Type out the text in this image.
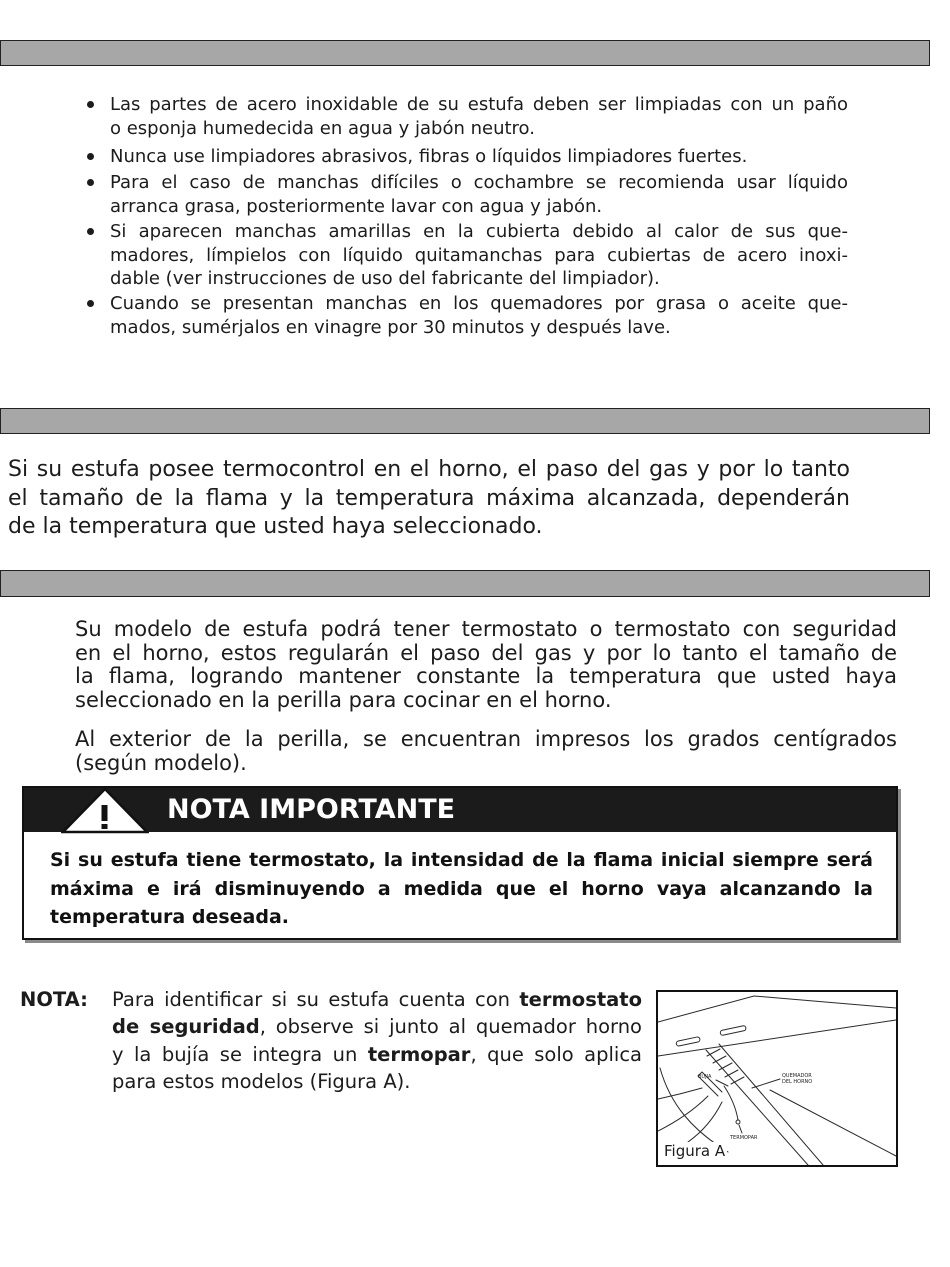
Las partes de acero inoxidable de su estufa deben ser limpiadas con un paño
o esponja humedecida en agua y jabón neutro.
Nunca use limpiadores abrasivos, fibras o líquidos limpiadores fuertes.
Para el caso de manchas difíciles o cochambre se recomienda usar líquido
arranca grasa, posteriormente lavar con agua y jabón.
Si aparecen manchas amarillas en la cubierta debido al calor de sus que-
madores, límpielos con líquido quitamanchas para cubiertas de acero inoxi-
dable (ver instrucciones de uso del fabricante del limpiador).
Cuando se presentan manchas en los quemadores por grasa o aceite que-
mados, sumérjalos en vinagre por 30 minutos y después lave.
Si su estufa posee termocontrol en el horno, el paso del gas y por lo tanto
el tamaño de la flama y la temperatura máxima alcanzada, dependerán
de la temperatura que usted haya seleccionado.
Su modelo de estufa podrá tener termostato o termostato con seguridad
en el horno, estos regularán el paso del gas y por lo tanto el tamaño de
la flama, logrando mantener constante la temperatura que usted haya
seleccionado en la perilla para cocinar en el horno.
Al exterior de la perilla, se encuentran impresos los grados centígrados
(según modelo).
NOTA IMPORTANTE
Si su estufa tiene termostato, la intensidad de la flama inicial siempre será
máxima e irá disminuyendo a medida que el horno vaya alcanzando la
temperatura deseada.
NOTA: Para identificar si su estufa cuenta con termostato
de seguridad, observe si junto al quemador horno
y la bujía se integra un termopar, que solo aplica
para estos modelos (Figura A).	BUJIA	QUEMADOR
DEL HORNO
TERMOPAR
Figura A
